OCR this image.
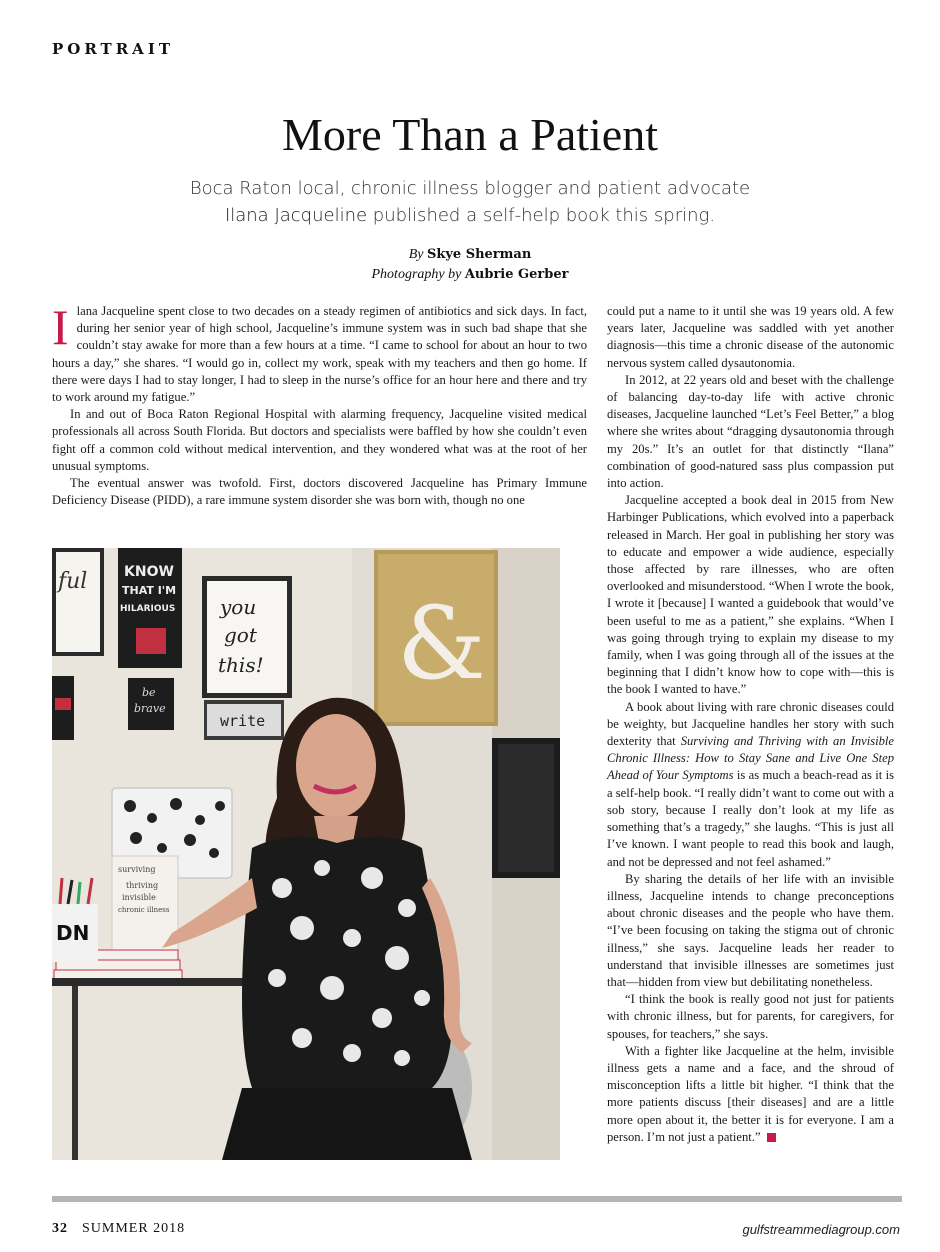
PORTRAIT
More Than a Patient
Boca Raton local, chronic illness blogger and patient advocate
Ilana Jacqueline published a self-help book this spring.
By Skye Sherman
Photography by Aubrie Gerber

Ilana Jacqueline spent close to two decades on a steady regimen of antibiotics and sick days. In fact, during her senior year of high school, Jacqueline’s immune system was in such bad shape that she couldn’t stay awake for more than a few hours at a time. “I came to school for about an hour to two hours a day,” she shares. “I would go in, collect my work, speak with my teachers and then go home. If there were days I had to stay longer, I had to sleep in the nurse’s office for an hour here and there and try to work around my fatigue.”

In and out of Boca Raton Regional Hospital with alarming frequency, Jacqueline visited medical professionals all across South Florida. But doctors and specialists were baffled by how she couldn’t even fight off a common cold without medical intervention, and they wondered what was at the root of her unusual symptoms.

The eventual answer was twofold. First, doctors discovered Jacqueline has Primary Immune Deficiency Disease (PIDD), a rare immune system disorder she was born with, though no one

ful	KNOW
THAT I'M
HILARIOUS you
got
this! &
be
brave
write
surviving
thriving
invisible
chronic illness
DN

could put a name to it until she was 19 years old. A few years later, Jacqueline was saddled with yet another diagnosis—this time a chronic disease of the autonomic nervous system called dysautonomia.

In 2012, at 22 years old and beset with the challenge of balancing day-to-day life with active chronic diseases, Jacqueline launched “Let’s Feel Better,” a blog where she writes about “dragging dysautonomia through my 20s.” It’s an outlet for that distinctly “Ilana” combination of good-natured sass plus compassion put into action.

Jacqueline accepted a book deal in 2015 from New Harbinger Publications, which evolved into a paperback released in March. Her goal in publishing her story was to educate and empower a wide audience, especially those affected by rare illnesses, who are often overlooked and misunderstood. “When I wrote the book, I wrote it [because] I wanted a guidebook that would’ve been useful to me as a patient,” she explains. “When I was going through trying to explain my disease to my family, when I was going through all of the issues at the beginning that I didn’t know how to cope with—this is the book I wanted to have.”

A book about living with rare chronic diseases could be weighty, but Jacqueline handles her story with such dexterity that Surviving and Thriving with an Invisible Chronic Illness: How to Stay Sane and Live One Step Ahead of Your Symptoms is as much a beach-read as it is a self-help book. “I really didn’t want to come out with a sob story, because I really don’t look at my life as something that’s a tragedy,” she laughs. “This is just all I’ve known. I want people to read this book and laugh, and not be depressed and not feel ashamed.”

By sharing the details of her life with an invisible illness, Jacqueline intends to change preconceptions about chronic diseases and the people who have them. “I’ve been focusing on taking the stigma out of chronic illness,” she says. Jacqueline leads her reader to understand that invisible illnesses are sometimes just that—hidden from view but debilitating nonetheless.

“I think the book is really good not just for patients with chronic illness, but for parents, for caregivers, for spouses, for teachers,” she says.

With a fighter like Jacqueline at the helm, invisible illness gets a name and a face, and the shroud of misconception lifts a little bit higher. “I think that the more patients discuss [their diseases] and are a little more open about it, the better it is for everyone. I am a person. I’m not just a patient.”

32 SUMMER 2018	gulfstreammediagroup.com
